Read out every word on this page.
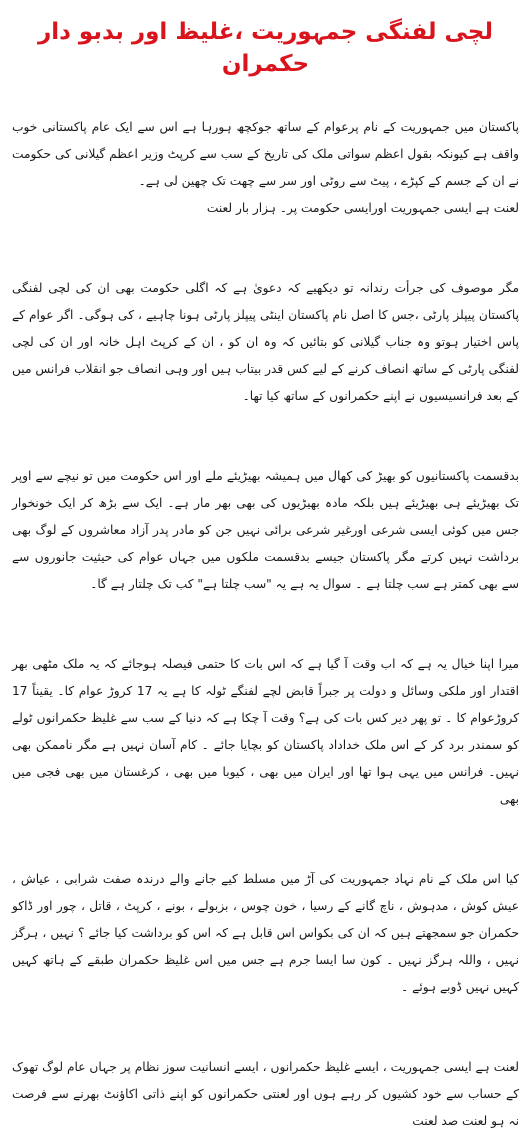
لچی لفنگی جمہوریت ،غلیظ اور بدبو دار حکمران

پاکستان میں جمہوریت کے نام پرعوام کے ساتھ جوکچھ ہورہا ہے اس سے ایک عام پاکستانی خوب واقف ہے کیونکہ بقول اعظم سواتی ملک کی تاریخ کے سب سے کرپٹ وزیر اعظم گیلانی کی حکومت نے ان کے جسم کے کپڑے ، پیٹ سے روٹی اور سر سے چھت تک چھین لی ہے۔

لعنت ہے ایسی جمہوریت اورایسی حکومت پر۔ ہزار بار لعنت

مگر موصوف کی جرأت رندانہ تو دیکھیے کہ دعویٰ ہے کہ اگلی حکومت بھی ان کی لچی لفنگی پاکستان پیپلز پارٹی ،جس کا اصل نام پاکستان اینٹی پیپلز پارٹی ہونا چاہیے ، کی ہوگی۔ اگر عوام کے پاس اختیار ہوتو وہ جناب گیلانی کو بتائیں کہ وہ ان کو ، ان کے کرپٹ اہل خانہ اور ان کی لچی لفنگی پارٹی کے ساتھ انصاف کرنے کے لیے کس قدر بیتاب ہیں اور وہی انصاف جو انقلاب فرانس میں کے بعد فرانسیسیوں نے اپنے حکمرانوں کے ساتھ کیا تھا۔

بدقسمت پاکستانیوں کو بھیڑ کی کھال میں ہمیشہ بھیڑیئے ملے اور اس حکومت میں تو نیچے سے اوپر تک بھیڑیئے ہی بھیڑیئے ہیں بلکہ مادہ بھیڑیوں کی بھی بھر مار ہے۔ ایک سے بڑھ کر ایک خونخوار جس میں کوئی ایسی شرعی اورغیر شرعی برائی نہیں جن کو مادر پدر آزاد معاشروں کے لوگ بھی برداشت نہیں کرتے مگر پاکستان جیسے بدقسمت ملکوں میں جہاں عوام کی حیثیت جانوروں سے سے بھی کمتر ہے سب چلتا ہے ۔ سوال یہ ہے یہ "سب چلتا ہے" کب تک چلتار ہے گا۔

میرا اپنا خیال یہ ہے کہ اب وقت آ گیا ہے کہ اس بات کا حتمی فیصلہ ہوجائے کہ یہ ملک مٹھی بھر اقتدار اور ملکی وسائل و دولت پر جبراً قابض لچے لفنگے ٹولہ کا ہے یہ 17 کروڑ عوام کا۔ یقیناً 17 کروڑعوام کا ۔ تو پھر دیر کس بات کی ہے؟ وقت آ چکا ہے کہ دنیا کے سب سے غلیظ حکمرانوں ٹولے کو سمندر برد کر کے اس ملک خداداد پاکستان کو بچایا جائے ۔ کام آسان نہیں ہے مگر ناممکن بھی نہیں۔ فرانس میں یہی ہوا تھا اور ایران میں بھی ، کیوبا میں بھی ، کرغستان میں بھی فجی میں بھی

کیا اس ملک کے نام نہاد جمہوریت کی آڑ میں مسلط کیے جانے والے درندہ صفت شرابی ، عیاش ، عیش کوش ، مدہوش ، ناچ گانے کے رسیا ، خون چوس ، بزبولے ، بونے ، کرپٹ ، قاتل ، چور اور ڈاکو حکمران جو سمجھتے ہیں کہ ان کی بکواس اس قابل ہے کہ اس کو برداشت کیا جائے ؟ نہیں ، ہرگز نہیں ، واللہ ہرگز نہیں ۔ کون سا ایسا جرم ہے جس میں اس غلیظ حکمران طبقے کے ہاتھ کہیں کہیں نہیں ڈوبے ہوئے ۔

لعنت ہے ایسی جمہوریت ، ایسے غلیظ حکمرانوں ، ایسے انسانیت سوز نظام پر جہاں عام لوگ تھوک کے حساب سے خود کشیوں کر رہے ہوں اور لعنتی حکمرانوں کو اپنے ذاتی اکاؤنٹ بھرنے سے فرصت نہ ہو لعنت صد لعنت
